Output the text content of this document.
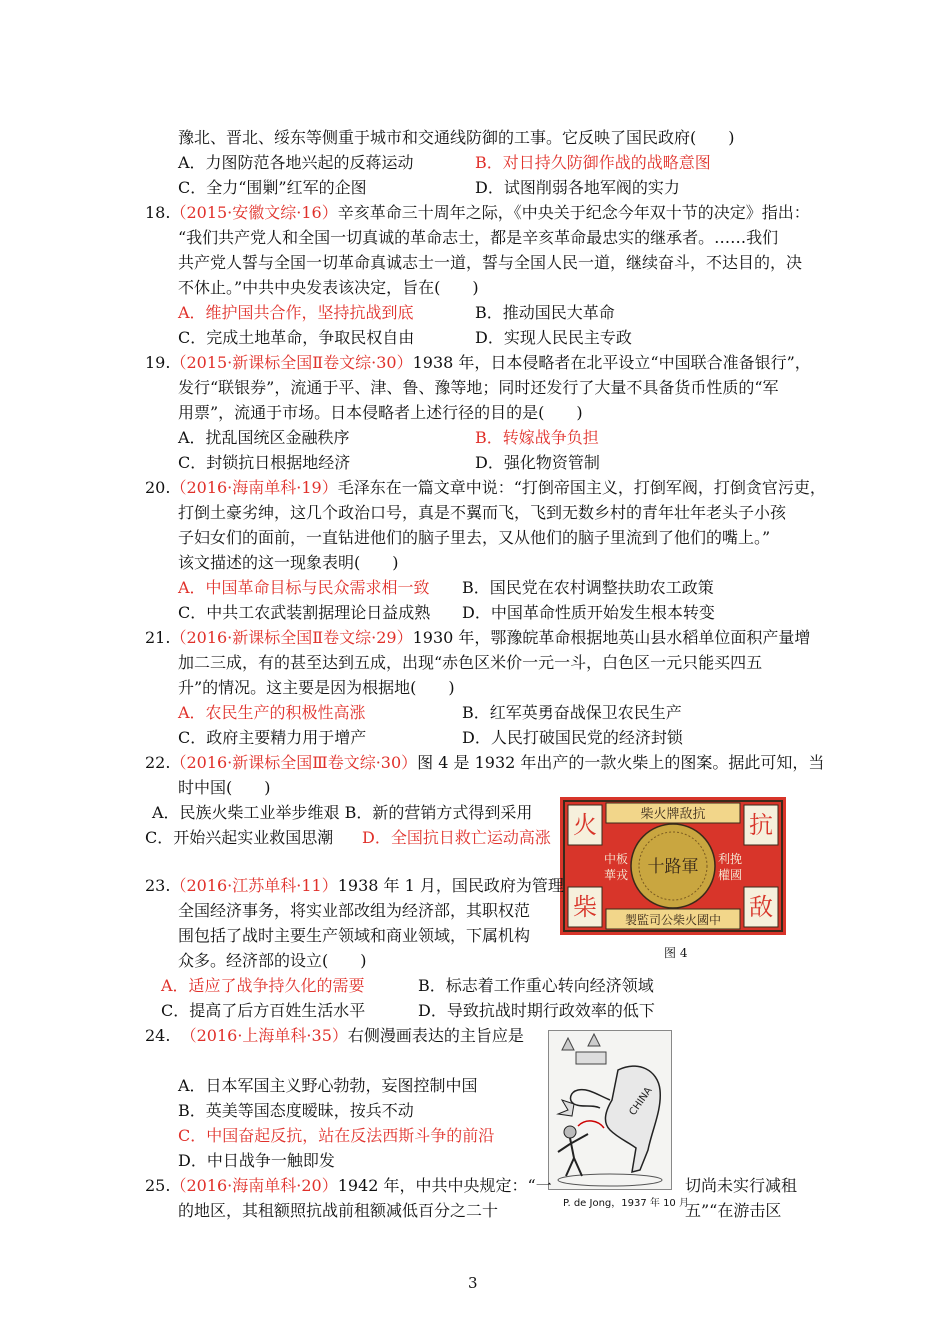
豫北、晋北、绥东等侧重于城市和交通线防御的工事。它反映了国民政府(　　)
A．力图防范各地兴起的反蒋运动	B．对日持久防御作战的战略意图
C．全力“围剿”红军的企图	D．试图削弱各地军阀的实力
18.（2015·安徽文综·16）辛亥革命三十周年之际，《中央关于纪念今年双十节的决定》指出：
“我们共产党人和全国一切真诚的革命志士，都是辛亥革命最忠实的继承者。……我们
共产党人誓与全国一切革命真诚志士一道，誓与全国人民一道，继续奋斗，不达目的，决
不休止。”中共中央发表该决定，旨在(　　)
A．维护国共合作，坚持抗战到底	B．推动国民大革命
C．完成土地革命，争取民权自由	D．实现人民民主专政
19.（2015·新课标全国Ⅱ卷文综·30）1938 年，日本侵略者在北平设立“中国联合准备银行”，
发行“联银券”，流通于平、津、鲁、豫等地；同时还发行了大量不具备货币性质的“军
用票”，流通于市场。日本侵略者上述行径的目的是(　　)
A．扰乱国统区金融秩序	B．转嫁战争负担
C．封锁抗日根据地经济	D．强化物资管制
20.（2016·海南单科·19）毛泽东在一篇文章中说：“打倒帝国主义，打倒军阀，打倒贪官污吏，
打倒土豪劣绅，这几个政治口号，真是不翼而飞，飞到无数乡村的青年壮年老头子小孩
子妇女们的面前，一直钻进他们的脑子里去，又从他们的脑子里流到了他们的嘴上。”
该文描述的这一现象表明(　　)
A．中国革命目标与民众需求相一致 B．国民党在农村调整扶助农工政策
C．中共工农武装割据理论日益成熟 D．中国革命性质开始发生根本转变
21.（2016·新课标全国Ⅱ卷文综·29）1930 年，鄂豫皖革命根据地英山县水稻单位面积产量增
加二三成，有的甚至达到五成，出现“赤色区米价一元一斗，白色区一元只能买四五
升”的情况。这主要是因为根据地(　　)
A．农民生产的积极性高涨	B．红军英勇奋战保卫农民生产
C．政府主要精力用于增产	D．人民打破国民党的经济封锁
22.（2016·新课标全国Ⅲ卷文综·30）图 4 是 1932 年出产的一款火柴上的图案。据此可知，当
时中国(　　)
A．民族火柴工业举步维艰 B．新的营销方式得到采用
C．开始兴起实业救国思潮 D．全国抗日救亡运动高涨
柴火牌敌抗
製監司公柴火國中
火	抗
柴	敌
中板
華戎
利挽
權國
十路軍
图 4
23.（2016·江苏单科·11）1938 年 1 月，国民政府为管理
全国经济事务，将实业部改组为经济部，其职权范
围包括了战时主要生产领域和商业领域，下属机构
众多。经济部的设立(　　)
A．适应了战争持久化的需要	B．标志着工作重心转向经济领域
C．提高了后方百姓生活水平	D．导致抗战时期行政效率的低下
24. （2016·上海单科·35）右侧漫画表达的主旨应是
A．日本军国主义野心勃勃，妄图控制中国
B．英美等国态度暧昧，按兵不动
C．中国奋起反抗，站在反法西斯斗争的前沿
D．中日战争一触即发
CHINA
P. de Jong，1937 年 10 月
25.（2016·海南单科·20）1942 年，中共中央规定：“一	切尚未实行减租
的地区，其租额照抗战前租额减低百分之二十	五”“在游击区
3
